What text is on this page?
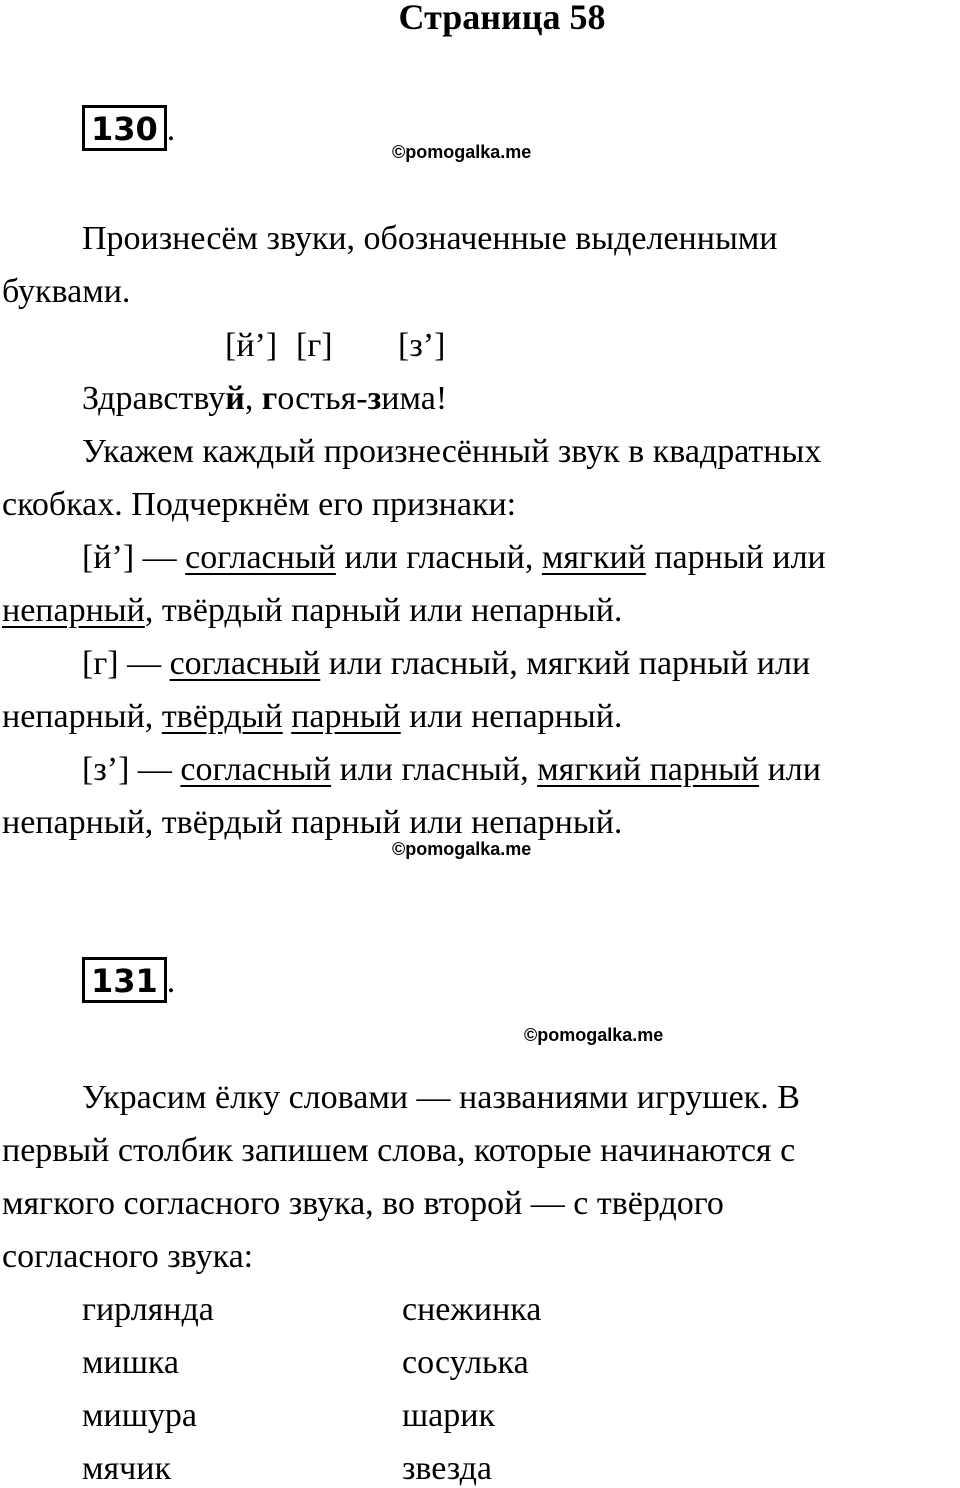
Страница 58
130 .
©pomogalka.me
Произнесём звуки, обозначенные выделенными
буквами.
[й’] [г] [з’]
Здравствуй, гостья-зима!
Укажем каждый произнесённый звук в квадратных
скобках. Подчеркнём его признаки:
[й’] — согласный или гласный, мягкий парный или
непарный, твёрдый парный или непарный.
[г] — согласный или гласный, мягкий парный или
непарный, твёрдый парный или непарный.
[з’] — согласный или гласный, мягкий парный или
непарный, твёрдый парный или непарный.
©pomogalka.me
131 .
©pomogalka.me
Украсим ёлку словами — названиями игрушек. В
первый столбик запишем слова, которые начинаются с
мягкого согласного звука, во второй — с твёрдого
согласного звука:
гирлянда
мишка
мишура
мячик
снежинка
сосулька
шарик
звезда
